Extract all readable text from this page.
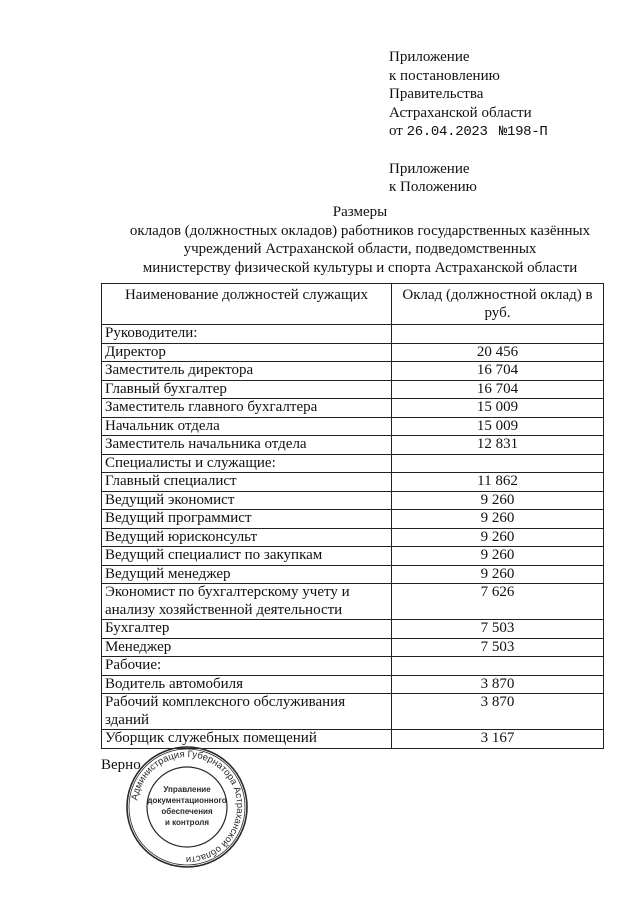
Приложение
к постановлению
Правительства
Астраханской области
от 26.04.2023 №198-П
Приложение
к Положению
Размеры
окладов (должностных окладов) работников государственных казённых
учреждений Астраханской области, подведомственных
министерству физической культуры и спорта Астраханской области
Наименование должностей служащих	Оклад (должностной оклад) в руб.
Руководители:	
Директор	20 456
Заместитель директора	16 704
Главный бухгалтер	16 704
Заместитель главного бухгалтера	15 009
Начальник отдела	15 009
Заместитель начальника отдела	12 831
Специалисты и служащие:	
Главный специалист	11 862
Ведущий экономист	9 260
Ведущий программист	9 260
Ведущий юрисконсульт	9 260
Ведущий специалист по закупкам	9 260
Ведущий менеджер	9 260
Экономист по бухгалтерскому учету и анализу хозяйственной деятельности	7 626
Бухгалтер	7 503
Менеджер	7 503
Рабочие:	
Водитель автомобиля	3 870
Рабочий комплексного обслуживания зданий	3 870
Уборщик служебных помещений	3 167
Верно
Администрация Губернатора Астраханской области
Управление
документационного
обеспечения
и контроля
